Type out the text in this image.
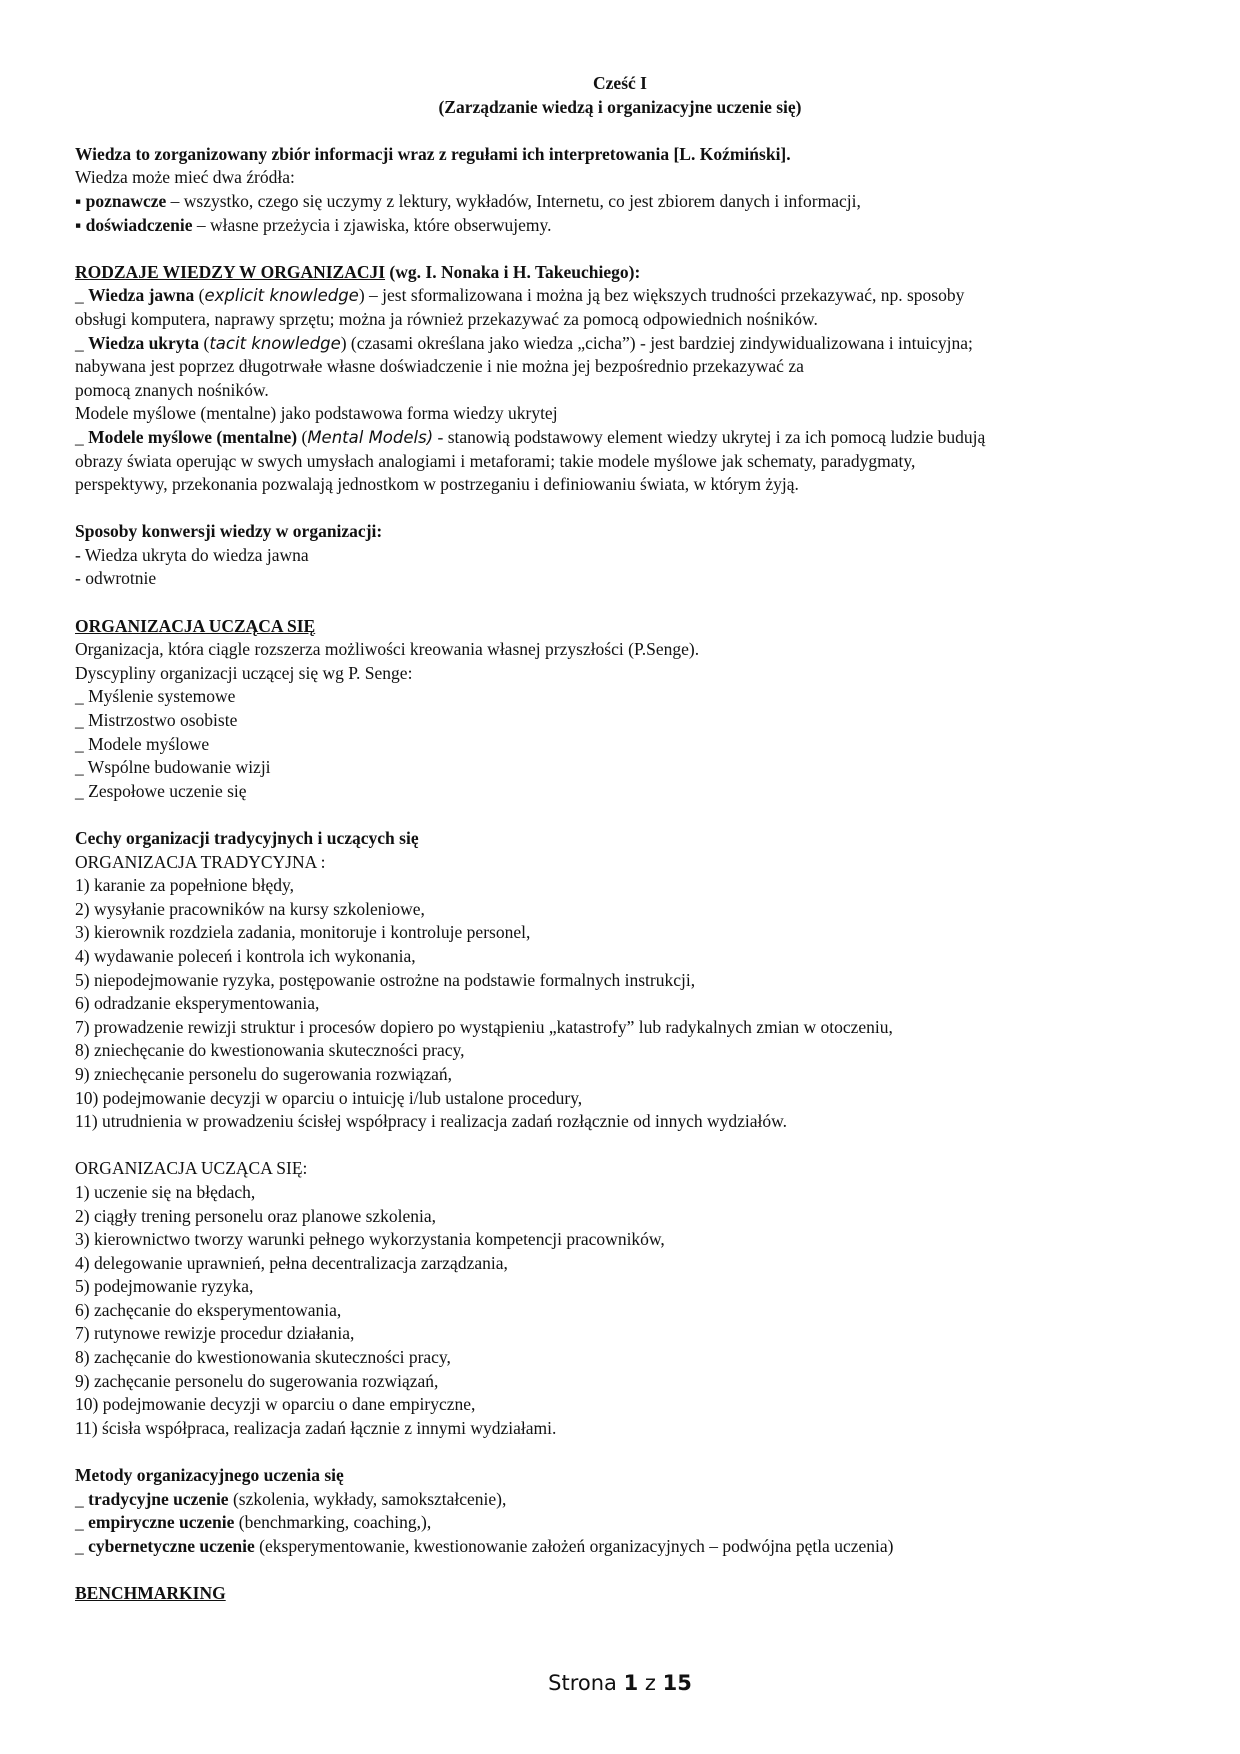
Cześć I
(Zarządzanie wiedzą i organizacyjne uczenie się)
Wiedza to zorganizowany zbiór informacji wraz z regułami ich interpretowania [L. Koźmiński].
Wiedza może mieć dwa źródła:
▪ poznawcze – wszystko, czego się uczymy z lektury, wykładów, Internetu, co jest zbiorem danych i informacji,
▪ doświadczenie – własne przeżycia i zjawiska, które obserwujemy.
RODZAJE WIEDZY W ORGANIZACJI (wg. I. Nonaka i H. Takeuchiego):
_ Wiedza jawna (explicit knowledge) – jest sformalizowana i można ją bez większych trudności przekazywać, np. sposoby
obsługi komputera, naprawy sprzętu; można ja również przekazywać za pomocą odpowiednich nośników.
_ Wiedza ukryta (tacit knowledge) (czasami określana jako wiedza „cicha”) - jest bardziej zindywidualizowana i intuicyjna;
nabywana jest poprzez długotrwałe własne doświadczenie i nie można jej bezpośrednio przekazywać za
pomocą znanych nośników.
Modele myślowe (mentalne) jako podstawowa forma wiedzy ukrytej
_ Modele myślowe (mentalne) (Mental Models) - stanowią podstawowy element wiedzy ukrytej i za ich pomocą ludzie budują
obrazy świata operując w swych umysłach analogiami i metaforami; takie modele myślowe jak schematy, paradygmaty,
perspektywy, przekonania pozwalają jednostkom w postrzeganiu i definiowaniu świata, w którym żyją.
Sposoby konwersji wiedzy w organizacji:
- Wiedza ukryta do wiedza jawna
- odwrotnie
ORGANIZACJA UCZĄCA SIĘ
Organizacja, która ciągle rozszerza możliwości kreowania własnej przyszłości (P.Senge).
Dyscypliny organizacji uczącej się wg P. Senge:
_ Myślenie systemowe
_ Mistrzostwo osobiste
_ Modele myślowe
_ Wspólne budowanie wizji
_ Zespołowe uczenie się
Cechy organizacji tradycyjnych i uczących się
ORGANIZACJA TRADYCYJNA :
1) karanie za popełnione błędy,
2) wysyłanie pracowników na kursy szkoleniowe,
3) kierownik rozdziela zadania, monitoruje i kontroluje personel,
4) wydawanie poleceń i kontrola ich wykonania,
5) niepodejmowanie ryzyka, postępowanie ostrożne na podstawie formalnych instrukcji,
6) odradzanie eksperymentowania,
7) prowadzenie rewizji struktur i procesów dopiero po wystąpieniu „katastrofy” lub radykalnych zmian w otoczeniu,
8) zniechęcanie do kwestionowania skuteczności pracy,
9) zniechęcanie personelu do sugerowania rozwiązań,
10) podejmowanie decyzji w oparciu o intuicję i/lub ustalone procedury,
11) utrudnienia w prowadzeniu ścisłej współpracy i realizacja zadań rozłącznie od innych wydziałów.
ORGANIZACJA UCZĄCA SIĘ:
1) uczenie się na błędach,
2) ciągły trening personelu oraz planowe szkolenia,
3) kierownictwo tworzy warunki pełnego wykorzystania kompetencji pracowników,
4) delegowanie uprawnień, pełna decentralizacja zarządzania,
5) podejmowanie ryzyka,
6) zachęcanie do eksperymentowania,
7) rutynowe rewizje procedur działania,
8) zachęcanie do kwestionowania skuteczności pracy,
9) zachęcanie personelu do sugerowania rozwiązań,
10) podejmowanie decyzji w oparciu o dane empiryczne,
11) ścisła współpraca, realizacja zadań łącznie z innymi wydziałami.
Metody organizacyjnego uczenia się
_ tradycyjne uczenie (szkolenia, wykłady, samokształcenie),
_ empiryczne uczenie (benchmarking, coaching,),
_ cybernetyczne uczenie (eksperymentowanie, kwestionowanie założeń organizacyjnych – podwójna pętla uczenia)
BENCHMARKING
Strona 1 z 15
